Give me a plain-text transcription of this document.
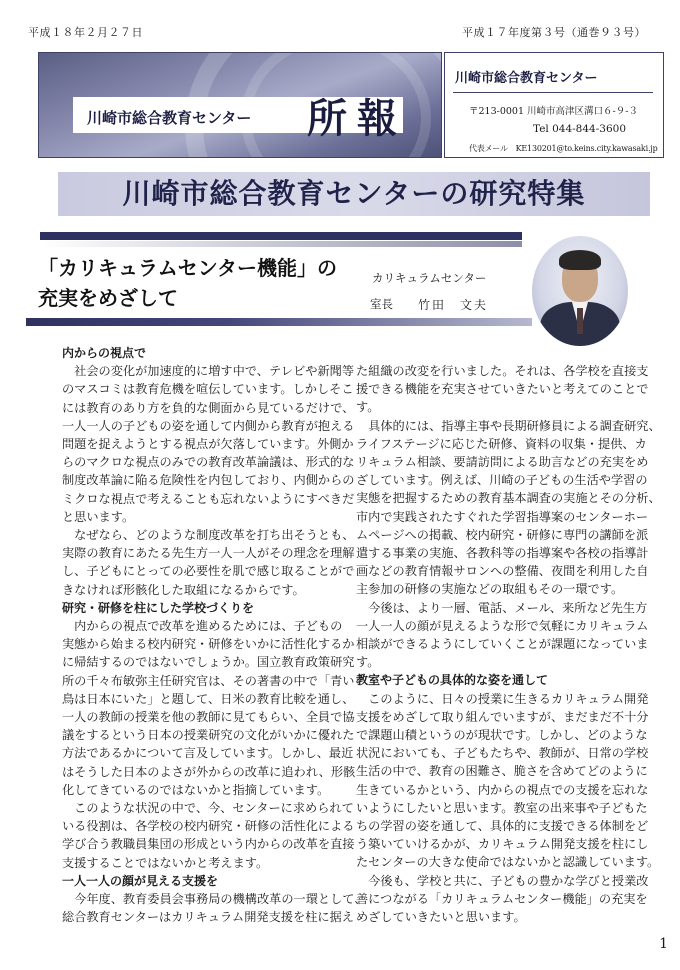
平成１８年２月２７日	平成１７年度第３号（通巻９３号）
川崎市総合教育センター 所報
川崎市総合教育センター
〒213-0001 川崎市高津区溝口６-９-３
Tel 044-844-3600
代表メール　KE130201@to.keins.city.kawasaki.jp
川崎市総合教育センターの研究特集
「カリキュラムセンター機能」の
充実をめざして
カリキュラムセンター
室長 竹田　文夫

内からの視点で

　社会の変化が加速度的に増す中で、テレビや新聞等

のマスコミは教育危機を喧伝しています。しかしそこ

には教育のあり方を負的な側面から見ているだけで、

一人一人の子どもの姿を通して内側から教育が抱える

問題を捉えようとする視点が欠落しています。外側か

らのマクロな視点のみでの教育改革論議は、形式的な

制度改革論に陥る危険性を内包しており、内側からの

ミクロな視点で考えることも忘れないようにすべきだ

と思います。

　なぜなら、どのような制度改革を打ち出そうとも、

実際の教育にあたる先生方一人一人がその理念を理解

し、子どもにとっての必要性を肌で感じ取ることがで

きなければ形骸化した取組になるからです。

研究・研修を柱にした学校づくりを

　内からの視点で改革を進めるためには、子どもの

実態から始まる校内研究・研修をいかに活性化するか

に帰結するのではないでしょうか。国立教育政策研究

所の千々布敏弥主任研究官は、その著書の中で「青い

鳥は日本にいた」と題して、日米の教育比較を通し、

一人の教師の授業を他の教師に見てもらい、全員で協

議をするという日本の授業研究の文化がいかに優れた

方法であるかについて言及しています。しかし、最近

はそうした日本のよさが外からの改革に追われ、形骸

化してきているのではないかと指摘しています。

　このような状況の中で、今、センターに求められて

いる役割は、各学校の校内研究・研修の活性化による

学び合う教職員集団の形成という内からの改革を直接

支援することではないかと考えます。

一人一人の顔が見える支援を

　今年度、教育委員会事務局の機構改革の一環として、

総合教育センターはカリキュラム開発支援を柱に据え

た組織の改変を行いました。それは、各学校を直接支

援できる機能を充実させていきたいと考えてのことで

す。

　具体的には、指導主事や長期研修員による調査研究、

ライフステージに応じた研修、資料の収集・提供、カ

リキュラム相談、要請訪問による助言などの充実をめ

ざしています。例えば、川崎の子どもの生活や学習の

実態を把握するための教育基本調査の実施とその分析、

市内で実践されたすぐれた学習指導案のセンターホー

ムページへの掲載、校内研究・研修に専門の講師を派

遣する事業の実施、各教科等の指導案や各校の指導計

画などの教育情報サロンへの整備、夜間を利用した自

主参加の研修の実施などの取組もその一環です。

　今後は、より一層、電話、メール、来所など先生方

一人一人の顔が見えるような形で気軽にカリキュラム

相談ができるようにしていくことが課題になっていま

す。

教室や子どもの具体的な姿を通して

　このように、日々の授業に生きるカリキュラム開発

支援をめざして取り組んでいますが、まだまだ不十分

で課題山積というのが現状です。しかし、どのような

状況においても、子どもたちや、教師が、日常の学校

生活の中で、教育の困難さ、脆さを含めてどのように

生きているかという、内からの視点での支援を忘れな

いようにしたいと思います。教室の出来事や子どもた

ちの学習の姿を通して、具体的に支援できる体制をど

う築いていけるかが、カリキュラム開発支援を柱にし

たセンターの大きな使命ではないかと認識しています。

　今後も、学校と共に、子どもの豊かな学びと授業改

善につながる「カリキュラムセンター機能」の充実を

めざしていきたいと思います。

1
